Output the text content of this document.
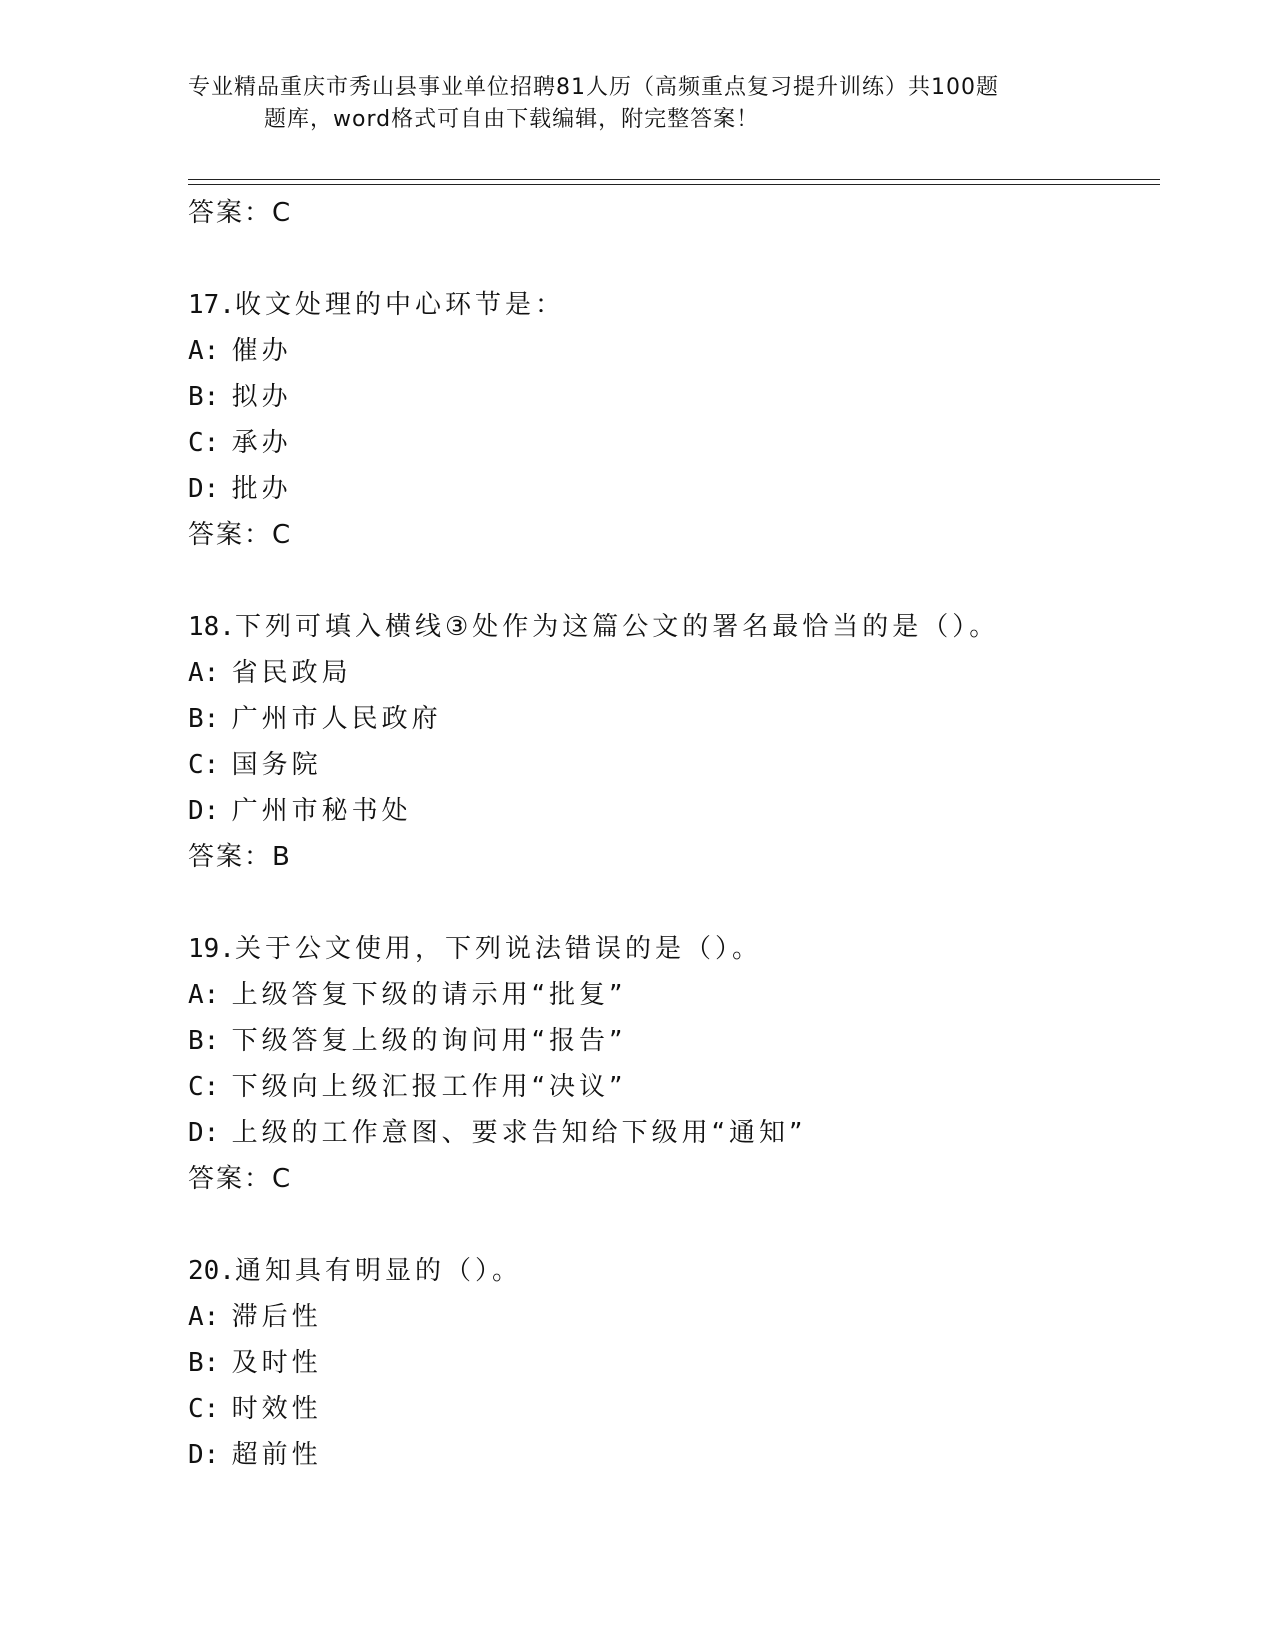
专业精品重庆市秀山县事业单位招聘81人历（高频重点复习提升训练）共100题
题库，word格式可自由下载编辑，附完整答案！
答案：C
17.收文处理的中心环节是：
A: 催办
B: 拟办
C: 承办
D: 批办
答案：C
18.下列可填入横线③处作为这篇公文的署名最恰当的是（）。
A: 省民政局
B: 广州市人民政府
C: 国务院
D: 广州市秘书处
答案：B
19.关于公文使用，下列说法错误的是（）。
A: 上级答复下级的请示用“批复”
B: 下级答复上级的询问用“报告”
C: 下级向上级汇报工作用“决议”
D: 上级的工作意图、要求告知给下级用“通知”
答案：C
20.通知具有明显的（）。
A: 滞后性
B: 及时性
C: 时效性
D: 超前性
